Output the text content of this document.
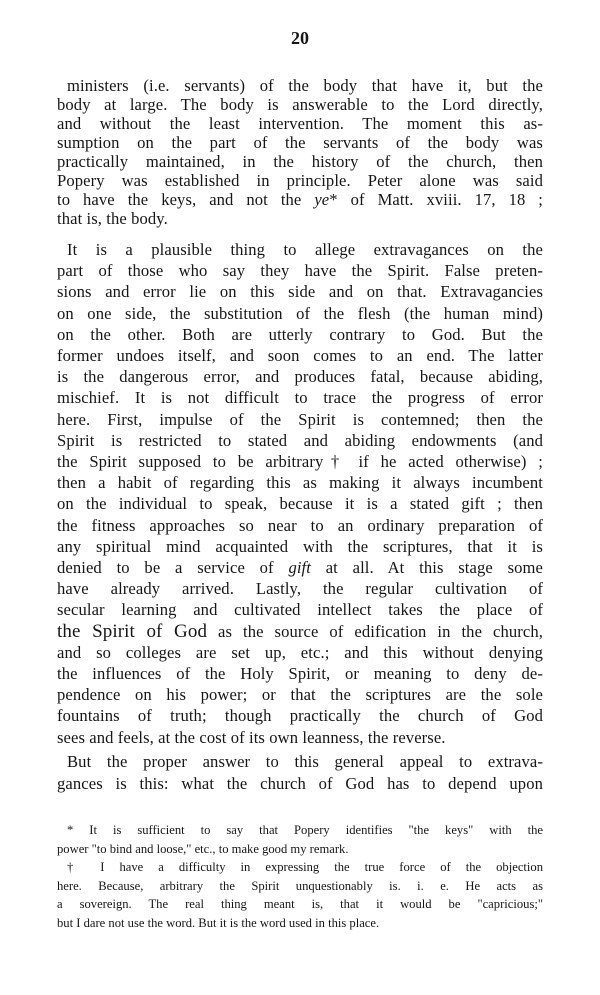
20
ministers (i.e. servants) of the body that have it, but the
body at large. The body is answerable to the Lord directly,
and without the least intervention. The moment this as-
sumption on the part of the servants of the body was
practically maintained, in the history of the church, then
Popery was established in principle. Peter alone was said
to have the keys, and not the ye* of Matt. xviii. 17, 18 ;
that is, the body.
It is a plausible thing to allege extravagances on the
part of those who say they have the Spirit. False preten-
sions and error lie on this side and on that. Extravagancies
on one side, the substitution of the flesh (the human mind)
on the other. Both are utterly contrary to God. But the
former undoes itself, and soon comes to an end. The latter
is the dangerous error, and produces fatal, because abiding,
mischief. It is not difficult to trace the progress of error
here. First, impulse of the Spirit is contemned; then the
Spirit is restricted to stated and abiding endowments (and
the Spirit supposed to be arbitrary† if he acted otherwise) ;
then a habit of regarding this as making it always incumbent
on the individual to speak, because it is a stated gift ; then
the fitness approaches so near to an ordinary preparation of
any spiritual mind acquainted with the scriptures, that it is
denied to be a service of gift at all. At this stage some
have already arrived. Lastly, the regular cultivation of
secular learning and cultivated intellect takes the place of
the Spirit of God as the source of edification in the church,
and so colleges are set up, etc.; and this without denying
the influences of the Holy Spirit, or meaning to deny de-
pendence on his power; or that the scriptures are the sole
fountains of truth; though practically the church of God
sees and feels, at the cost of its own leanness, the reverse.
But the proper answer to this general appeal to extrava-
gances is this: what the church of God has to depend upon
* It is sufficient to say that Popery identifies "the keys" with the
power "to bind and loose," etc., to make good my remark.
† I have a difficulty in expressing the true force of the objection
here. Because, arbitrary the Spirit unquestionably is. i. e. He acts as
a sovereign. The real thing meant is, that it would be "capricious;"
but I dare not use the word. But it is the word used in this place.
